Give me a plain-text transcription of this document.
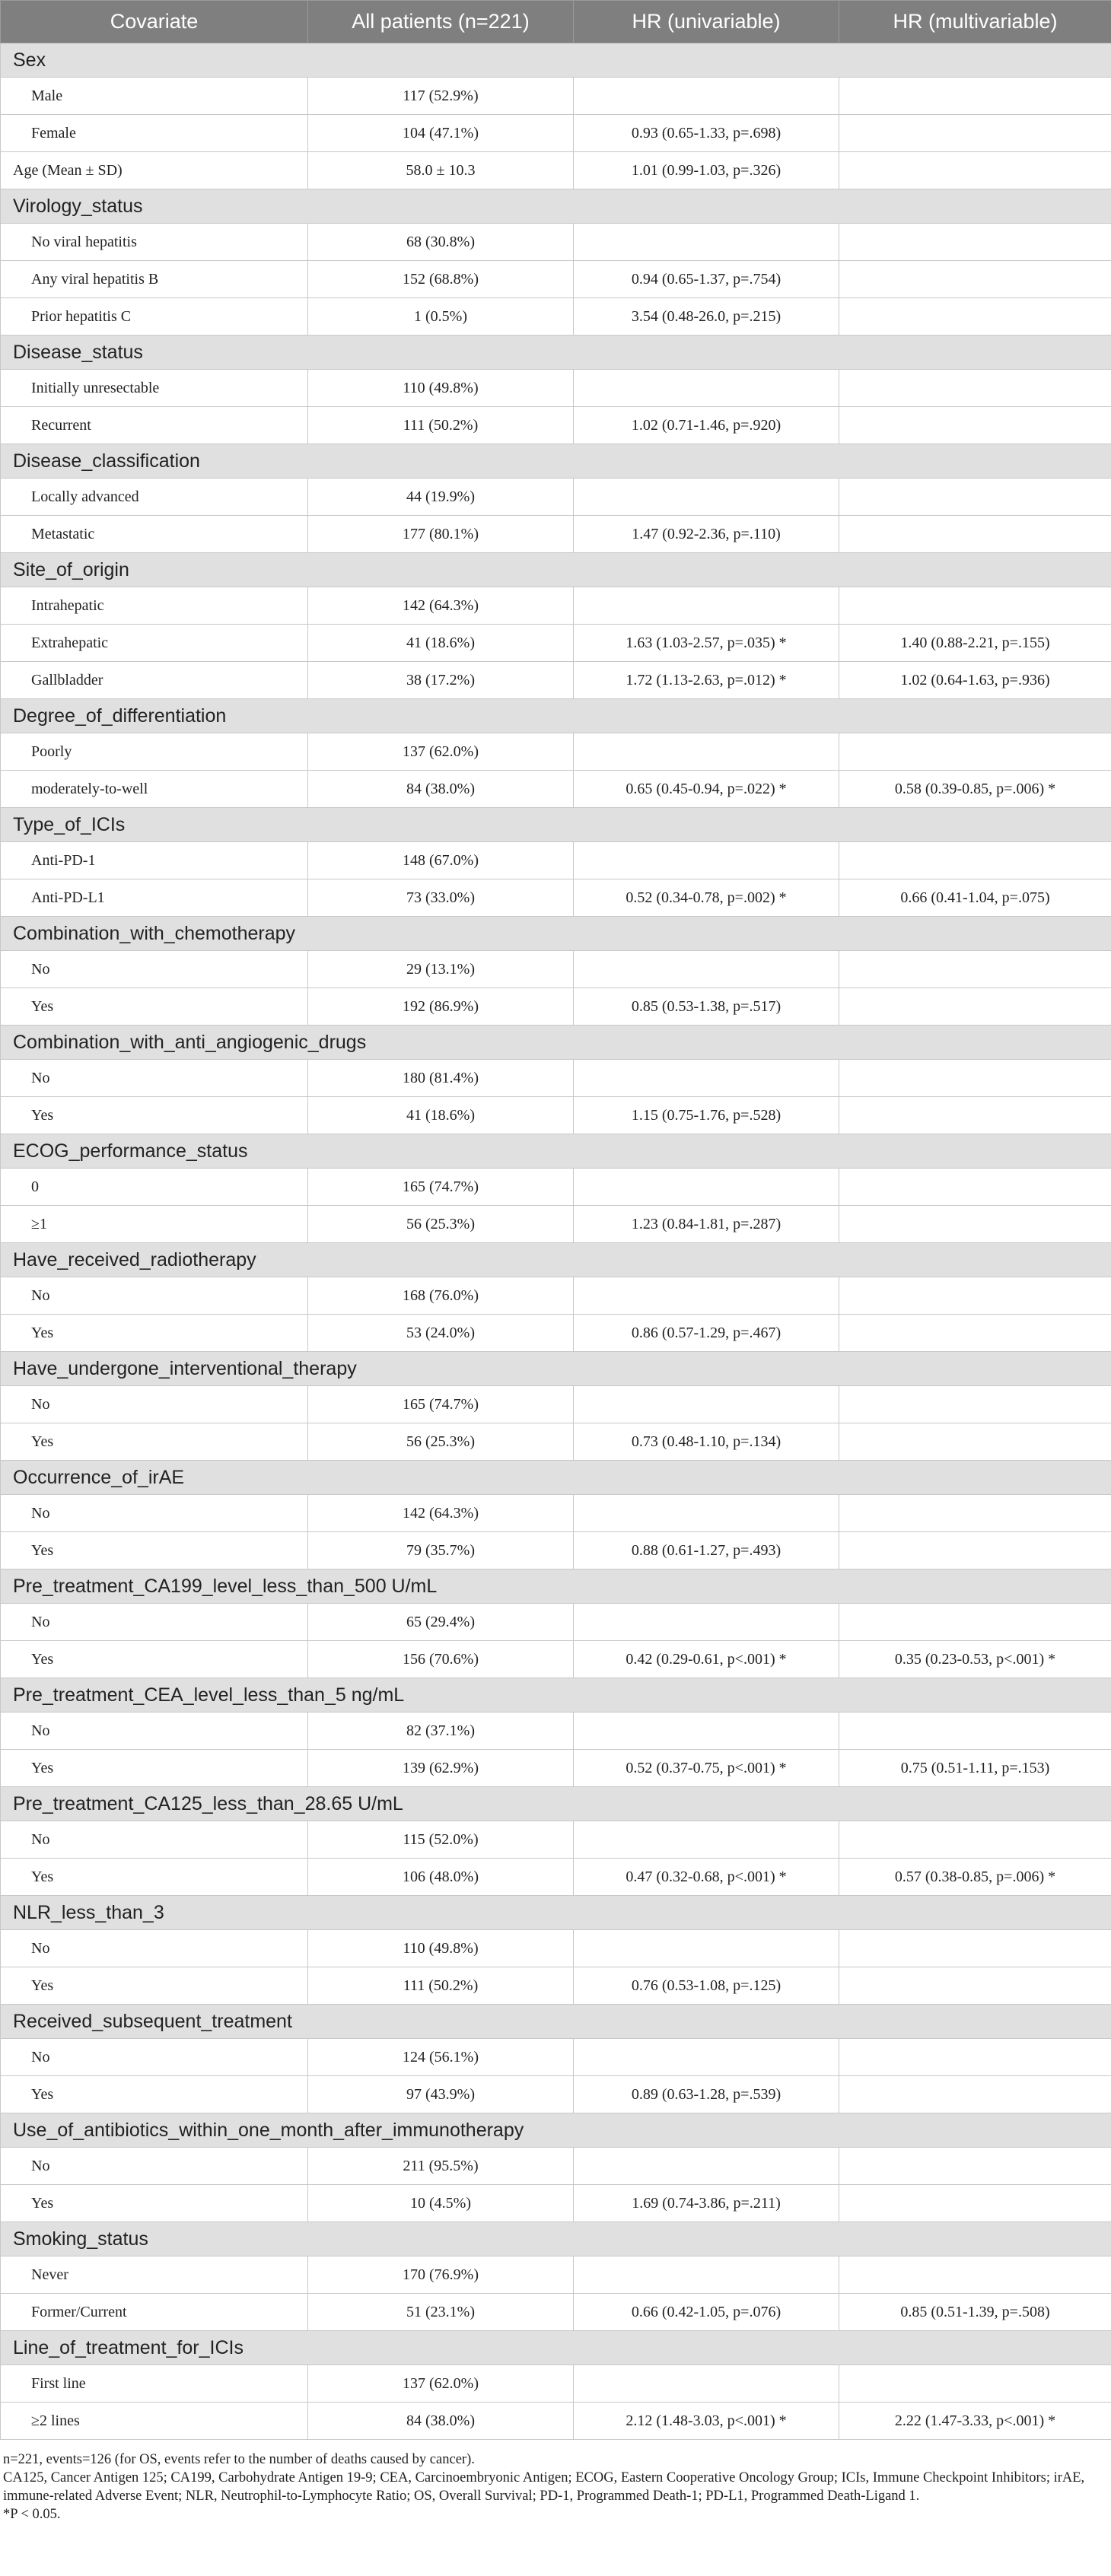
Covariate	All patients (n=221)	HR (univariable)	HR (multivariable)
Sex			
Male	117 (52.9%)		
Female	104 (47.1%)	0.93 (0.65-1.33, p=.698)	
Age (Mean ± SD)	58.0 ± 10.3	1.01 (0.99-1.03, p=.326)	
Virology_status			
No viral hepatitis	68 (30.8%)		
Any viral hepatitis B	152 (68.8%)	0.94 (0.65-1.37, p=.754)	
Prior hepatitis C	1 (0.5%)	3.54 (0.48-26.0, p=.215)	
Disease_status			
Initially unresectable	110 (49.8%)		
Recurrent	111 (50.2%)	1.02 (0.71-1.46, p=.920)	
Disease_classification			
Locally advanced	44 (19.9%)		
Metastatic	177 (80.1%)	1.47 (0.92-2.36, p=.110)	
Site_of_origin			
Intrahepatic	142 (64.3%)		
Extrahepatic	41 (18.6%)	1.63 (1.03-2.57, p=.035) *	1.40 (0.88-2.21, p=.155)
Gallbladder	38 (17.2%)	1.72 (1.13-2.63, p=.012) *	1.02 (0.64-1.63, p=.936)
Degree_of_differentiation			
Poorly	137 (62.0%)		
moderately-to-well	84 (38.0%)	0.65 (0.45-0.94, p=.022) *	0.58 (0.39-0.85, p=.006) *
Type_of_ICIs			
Anti-PD-1	148 (67.0%)		
Anti-PD-L1	73 (33.0%)	0.52 (0.34-0.78, p=.002) *	0.66 (0.41-1.04, p=.075)
Combination_with_chemotherapy			
No	29 (13.1%)		
Yes	192 (86.9%)	0.85 (0.53-1.38, p=.517)	
Combination_with_anti_angiogenic_drugs			
No	180 (81.4%)		
Yes	41 (18.6%)	1.15 (0.75-1.76, p=.528)	
ECOG_performance_status			
0	165 (74.7%)		
≥1	56 (25.3%)	1.23 (0.84-1.81, p=.287)	
Have_received_radiotherapy			
No	168 (76.0%)		
Yes	53 (24.0%)	0.86 (0.57-1.29, p=.467)	
Have_undergone_interventional_therapy			
No	165 (74.7%)		
Yes	56 (25.3%)	0.73 (0.48-1.10, p=.134)	
Occurrence_of_irAE			
No	142 (64.3%)		
Yes	79 (35.7%)	0.88 (0.61-1.27, p=.493)	
Pre_treatment_CA199_level_less_than_500 U/mL			
No	65 (29.4%)		
Yes	156 (70.6%)	0.42 (0.29-0.61, p<.001) *	0.35 (0.23-0.53, p<.001) *
Pre_treatment_CEA_level_less_than_5 ng/mL			
No	82 (37.1%)		
Yes	139 (62.9%)	0.52 (0.37-0.75, p<.001) *	0.75 (0.51-1.11, p=.153)
Pre_treatment_CA125_less_than_28.65 U/mL			
No	115 (52.0%)		
Yes	106 (48.0%)	0.47 (0.32-0.68, p<.001) *	0.57 (0.38-0.85, p=.006) *
NLR_less_than_3			
No	110 (49.8%)		
Yes	111 (50.2%)	0.76 (0.53-1.08, p=.125)	
Received_subsequent_treatment			
No	124 (56.1%)		
Yes	97 (43.9%)	0.89 (0.63-1.28, p=.539)	
Use_of_antibiotics_within_one_month_after_immunotherapy			
No	211 (95.5%)		
Yes	10 (4.5%)	1.69 (0.74-3.86, p=.211)	
Smoking_status			
Never	170 (76.9%)		
Former/Current	51 (23.1%)	0.66 (0.42-1.05, p=.076)	0.85 (0.51-1.39, p=.508)
Line_of_treatment_for_ICIs			
First line	137 (62.0%)		
≥2 lines	84 (38.0%)	2.12 (1.48-3.03, p<.001) *	2.22 (1.47-3.33, p<.001) *
n=221, events=126 (for OS, events refer to the number of deaths caused by cancer).
CA125, Cancer Antigen 125; CA199, Carbohydrate Antigen 19-9; CEA, Carcinoembryonic Antigen; ECOG, Eastern Cooperative Oncology Group; ICIs, Immune Checkpoint Inhibitors; irAE, immune-related Adverse Event; NLR, Neutrophil-to-Lymphocyte Ratio; OS, Overall Survival; PD-1, Programmed Death-1; PD-L1, Programmed Death-Ligand 1.
*P < 0.05.
